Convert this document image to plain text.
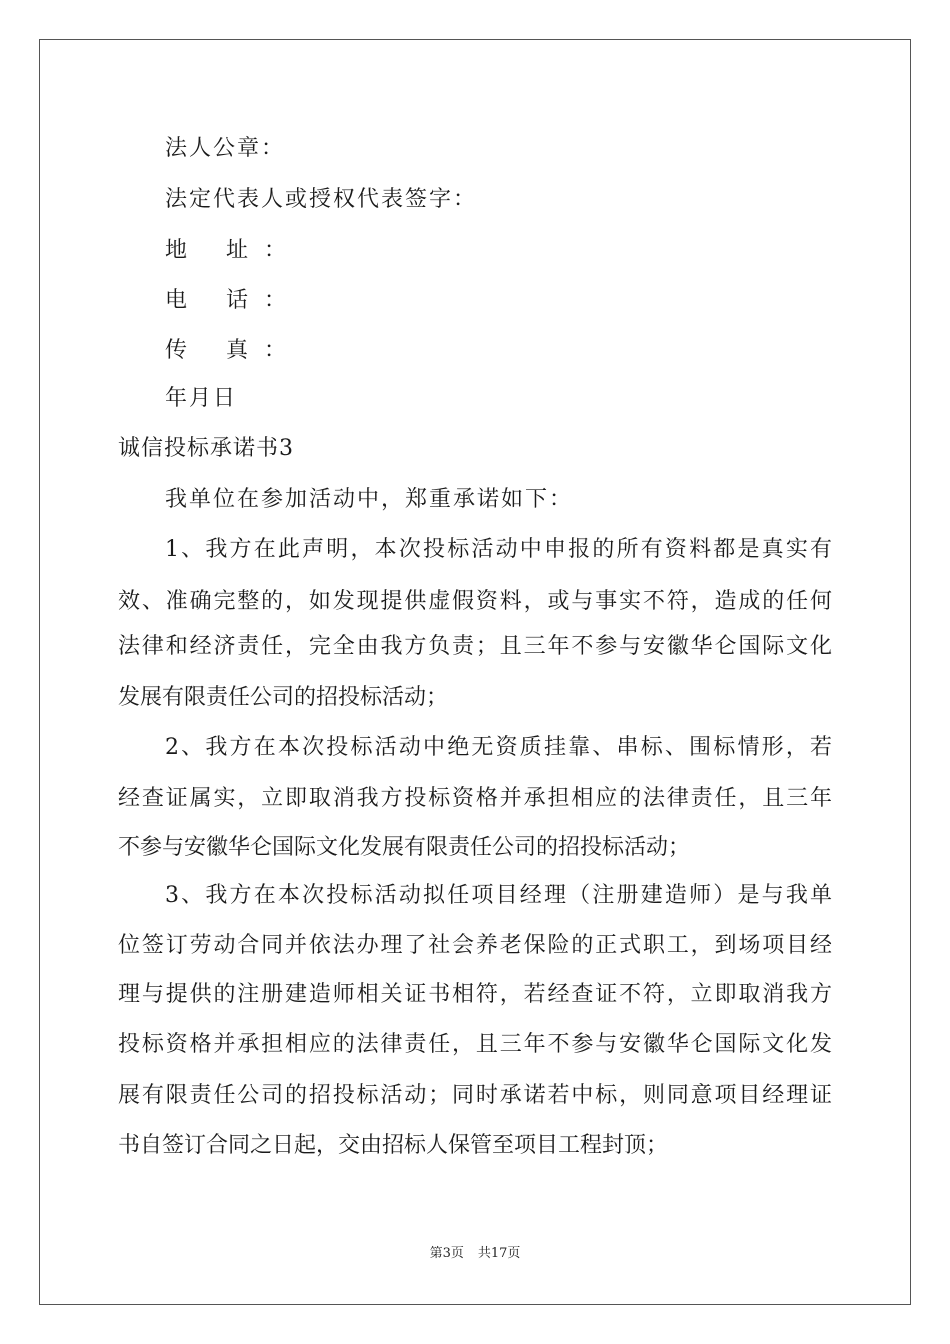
法人公章：
法定代表人或授权代表签字：
地 址：
电 话：
传 真：
年月日
诚信投标承诺书3
我单位在参加活动中，郑重承诺如下：
1、我方在此声明，本次投标活动中申报的所有资料都是真实有
效、准确完整的，如发现提供虚假资料，或与事实不符，造成的任何
法律和经济责任，完全由我方负责；且三年不参与安徽华仑国际文化
发展有限责任公司的招投标活动；
2、我方在本次投标活动中绝无资质挂靠、串标、围标情形，若
经查证属实，立即取消我方投标资格并承担相应的法律责任，且三年
不参与安徽华仑国际文化发展有限责任公司的招投标活动；
3、我方在本次投标活动拟任项目经理（注册建造师）是与我单
位签订劳动合同并依法办理了社会养老保险的正式职工，到场项目经
理与提供的注册建造师相关证书相符，若经查证不符，立即取消我方
投标资格并承担相应的法律责任，且三年不参与安徽华仑国际文化发
展有限责任公司的招投标活动；同时承诺若中标，则同意项目经理证
书自签订合同之日起，交由招标人保管至项目工程封顶；
第3页 共17页
